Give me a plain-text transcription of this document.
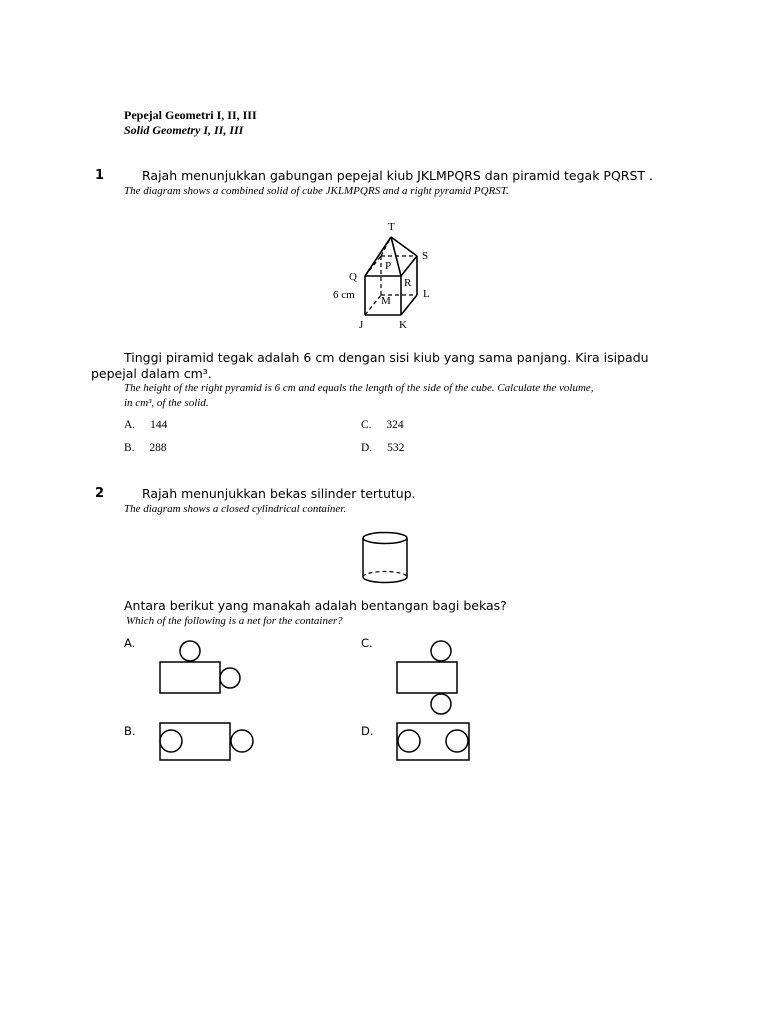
Pepejal Geometri I, II, III
Solid Geometry I, II, III
1	Rajah menunjukkan gabungan pepejal kiub JKLMPQRS dan piramid tegak PQRST .
The diagram shows a combined solid of cube JKLMPQRS and a right pyramid PQRST.
T
S
P
Q	R
6 cm	L
M
J	K
Tinggi piramid tegak adalah 6 cm dengan sisi kiub yang sama panjang. Kira isipadu
pepejal dalam cm³.
The height of the right pyramid is 6 cm and equals the length of the side of the cube. Calculate the volume,
in cm³, of the solid.
A. 144
B. 288
C. 324
D. 532
2	Rajah menunjukkan bekas silinder tertutup.
The diagram shows a closed cylindrical container.
Antara berikut yang manakah adalah bentangan bagi bekas?
Which of the following is a net for the container?
A.
B.
C.
D.
